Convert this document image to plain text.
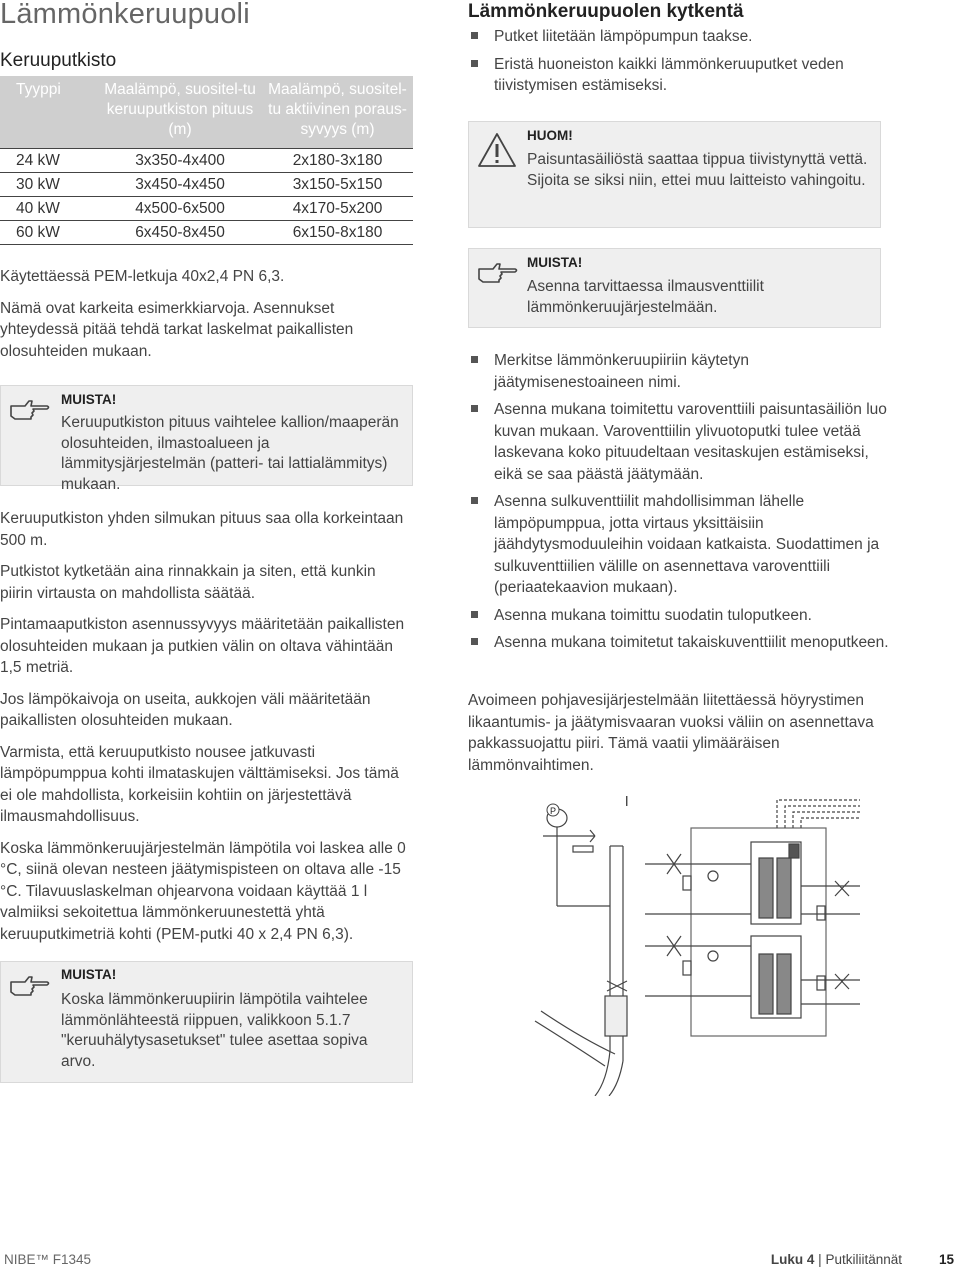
Lämmönkeruupuoli
Keruuputkisto
Tyyppi	Maalämpö, suositel-tu keruuputkiston pituus (m)	Maalämpö, suositel-tu aktiivinen poraus-syvyys (m)
24 kW	3x350-4x400	2x180-3x180
30 kW	3x450-4x450	3x150-5x150
40 kW	4x500-6x500	4x170-5x200
60 kW	6x450-8x450	6x150-8x180

Käytettäessä PEM-letkuja 40x2,4 PN 6,3.

Nämä ovat karkeita esimerkkiarvoja. Asennukset yhteydessä pitää tehdä tarkat laskelmat paikallisten olosuhteiden mukaan.

MUISTA!
Keruuputkiston pituus vaihtelee kallion/maaperän olosuhteiden, ilmastoalueen ja lämmitysjärjestelmän (patteri- tai lattialämmitys) mukaan.

Keruuputkiston yhden silmukan pituus saa olla korkeintaan 500 m.

Putkistot kytketään aina rinnakkain ja siten, että kunkin piirin virtausta on mahdollista säätää.

Pintamaaputkiston asennussyvyys määritetään paikallisten olosuhteiden mukaan ja putkien välin on oltava vähintään 1,5 metriä.

Jos lämpökaivoja on useita, aukkojen väli määritetään paikallisten olosuhteiden mukaan.

Varmista, että keruuputkisto nousee jatkuvasti lämpöpumppua kohti ilmataskujen välttämiseksi. Jos tämä ei ole mahdollista, korkeisiin kohtiin on järjestettävä ilmausmahdollisuus.

Koska lämmönkeruujärjestelmän lämpötila voi laskea alle 0 °C, siinä olevan nesteen jäätymispisteen on oltava alle -15 °C. Tilavuuslaskelman ohjearvona voidaan käyttää 1 l valmiiksi sekoitettua lämmönkeruunestettä yhtä keruuputkimetriä kohti (PEM-putki 40 x 2,4 PN 6,3).

MUISTA!
Koska lämmönkeruupiirin lämpötila vaihtelee lämmönlähteestä riippuen, valikkoon 5.1.7 "keruuhälytysasetukset" tulee asettaa sopiva arvo.
Lämmönkeruupuolen kytkentä
Putket liitetään lämpöpumpun taakse.
Eristä huoneiston kaikki lämmönkeruuputket veden tiivistymisen estämiseksi.
HUOM!
Paisuntasäiliöstä saattaa tippua tiivistynyttä vettä. Sijoita se siksi niin, ettei muu laitteisto vahingoitu.
MUISTA!
Asenna tarvittaessa ilmausventtiilit lämmönkeruujärjestelmään.
Merkitse lämmönkeruupiiriin käytetyn jäätymisenestoaineen nimi.
Asenna mukana toimitettu varoventtiili paisuntasäiliön luo kuvan mukaan. Varoventtiilin ylivuotoputki tulee vetää laskevana koko pituudeltaan vesitaskujen estämiseksi, eikä se saa päästä jäätymään.
Asenna sulkuventtiilit mahdollisimman lähelle lämpöpumppua, jotta virtaus yksittäisiin jäähdytysmoduuleihin voidaan katkaista. Suodattimen ja sulkuventtiilien välille on asennettava varoventtiili (periaatekaavion mukaan).
Asenna mukana toimittu suodatin tuloputkeen.
Asenna mukana toimitetut takaiskuventtiilit menoputkeen.

Avoimeen pohjavesijärjestelmään liitettäessä höyrystimen likaantumis- ja jäätymisvaaran vuoksi väliin on asennettava pakkassuojattu piiri. Tämä vaatii ylimääräisen lämmönvaihtimen.

P
ꟾ
NIBE™ F1345	Luku 4 | Putkiliitännät	15
